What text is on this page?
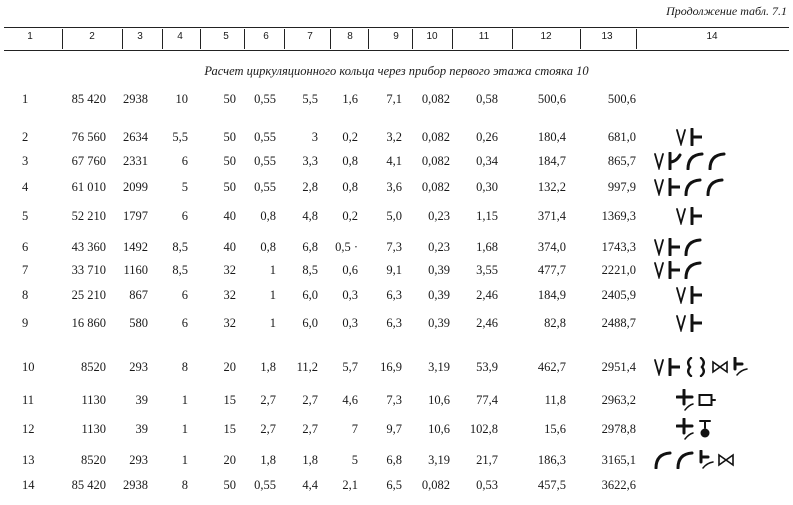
Продолжение табл. 7.1
1	2	3	4	5	6	7	8	9	10	11	12	13	14
Расчет циркуляционного кольца через прибор первого этажа стояка 10
1	85 420	2938	10	50	0,55	5,5	1,6	7,1	0,082	0,58	500,6	500,6
2	76 560	2634	5,5	50	0,55	3	0,2	3,2	0,082	0,26	180,4	681,0
3	67 760	2331	6	50	0,55	3,3	0,8	4,1	0,082	0,34	184,7	865,7
4	61 010	2099	5	50	0,55	2,8	0,8	3,6	0,082	0,30	132,2	997,9
5	52 210	1797	6	40	0,8	4,8	0,2	5,0	0,23	1,15	371,4	1369,3
6	43 360	1492	8,5	40	0,8	6,8	0,5 ·	7,3	0,23	1,68	374,0	1743,3
7	33 710	1160	8,5	32	1	8,5	0,6	9,1	0,39	3,55	477,7	2221,0
8	25 210	867	6	32	1	6,0	0,3	6,3	0,39	2,46	184,9	2405,9
9	16 860	580	6	32	1	6,0	0,3	6,3	0,39	2,46	82,8	2488,7
10	8520	293	8	20	1,8	11,2	5,7	16,9	3,19	53,9	462,7	2951,4
11	1130	39	1	15	2,7	2,7	4,6	7,3	10,6	77,4	11,8	2963,2
12	1130	39	1	15	2,7	2,7	7	9,7	10,6	102,8	15,6	2978,8
13	8520	293	1	20	1,8	1,8	5	6,8	3,19	21,7	186,3	3165,1
14	85 420	2938	8	50	0,55	4,4	2,1	6,5	0,082	0,53	457,5	3622,6
